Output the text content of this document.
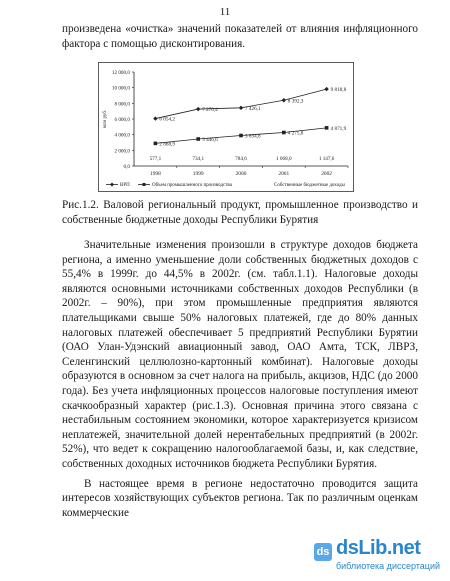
11
произведена «очистка» значений показателей от влияния инфляционного фактора с помощью дисконтирования.
0,0
2 000,0
4 000,0
6 000,0
8 000,0
10 000,0
12 000,0
млн руб.
1998	1999	2000	2001	2002
6 054,2
7 270,4	7 426,1
8 392,3
9 818,8
2 888,9
3 446,6
3 894,8	4 275,8
4 871,9
577,1	734,1	784,6	1 068,0	1 147,6
ВРП	Объем промышленного производства	Собственные бюджетные доходы
Рис.1.2. Валовой региональный продукт, промышленное производство и собственные бюджетные доходы Республики Бурятия

Значительные изменения произошли в структуре доходов бюджета региона, а именно уменьшение доли собственных бюджетных доходов с 55,4% в 1999г. до 44,5% в 2002г. (см. табл.1.1). Налоговые доходы являются основными источниками собственных доходов Республики (в 2002г. – 90%), при этом промышленные предприятия являются плательщиками свыше 50% налоговых платежей, где до 80% данных налоговых платежей обеспечивает 5 предприятий Республики Бурятии (ОАО Улан-Удэнский авиационный завод, ОАО Амта, ТСК, ЛВРЗ, Селенгинский целлюлозно-картонный комбинат). Налоговые доходы образуются в основном за счет налога на прибыль, акцизов, НДС (до 2000 года). Без учета инфляционных процессов налоговые поступления имеют скачкообразный характер (рис.1.3). Основная причина этого связана с нестабильным состоянием экономики, которое характеризуется кризисом неплатежей, значительной долей нерентабельных предприятий (в 2002г. 52%), что ведет к сокращению налогооблагаемой базы, и, как следствие, собственных доходных источников бюджета Республики Бурятия.

В настоящее время в регионе недостаточно проводится защита интересов хозяйствующих субъектов региона. Так по различным оценкам коммерческие

ds dsLib.net
библиотека диссертаций
